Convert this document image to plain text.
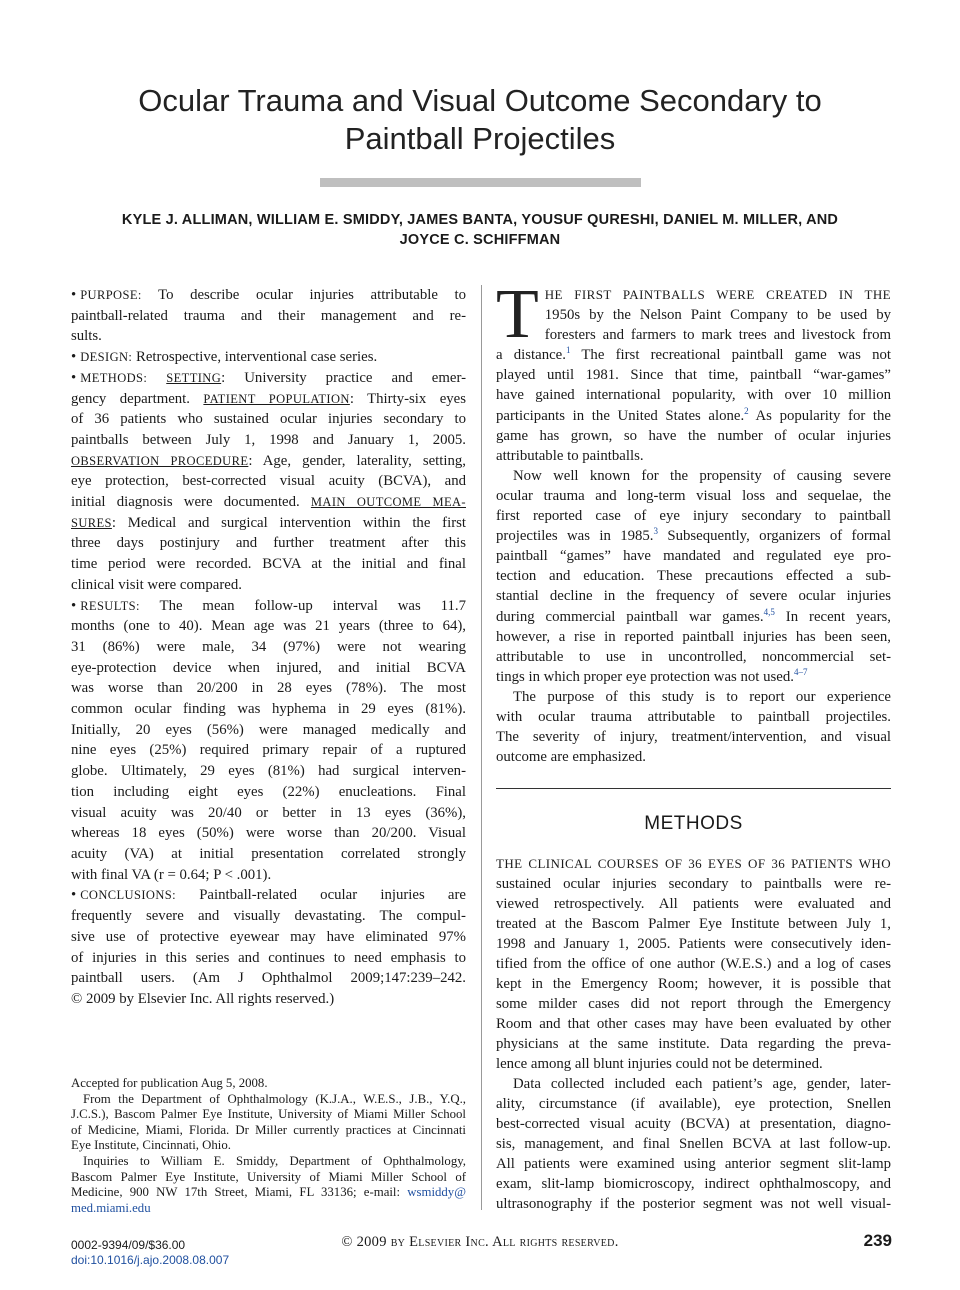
Ocular Trauma and Visual Outcome Secondary to
Paintball Projectiles
KYLE J. ALLIMAN, WILLIAM E. SMIDDY, JAMES BANTA, YOUSUF QURESHI, DANIEL M. MILLER, AND
JOYCE C. SCHIFFMAN
• PURPOSE: To describe ocular injuries attributable to
paintball-related trauma and their management and re-
sults.
• DESIGN: Retrospective, interventional case series.
• METHODS: SETTING: University practice and emer-
gency department. PATIENT POPULATION: Thirty-six eyes
of 36 patients who sustained ocular injuries secondary to
paintballs between July 1, 1998 and January 1, 2005.
OBSERVATION PROCEDURE: Age, gender, laterality, setting,
eye protection, best-corrected visual acuity (BCVA), and
initial diagnosis were documented. MAIN OUTCOME MEA-
SURES: Medical and surgical intervention within the first
three days postinjury and further treatment after this
time period were recorded. BCVA at the initial and final
clinical visit were compared.
• RESULTS: The mean follow-up interval was 11.7
months (one to 40). Mean age was 21 years (three to 64),
31 (86%) were male, 34 (97%) were not wearing
eye-protection device when injured, and initial BCVA
was worse than 20/200 in 28 eyes (78%). The most
common ocular finding was hyphema in 29 eyes (81%).
Initially, 20 eyes (56%) were managed medically and
nine eyes (25%) required primary repair of a ruptured
globe. Ultimately, 29 eyes (81%) had surgical interven-
tion including eight eyes (22%) enucleations. Final
visual acuity was 20/40 or better in 13 eyes (36%),
whereas 18 eyes (50%) were worse than 20/200. Visual
acuity (VA) at initial presentation correlated strongly
with final VA (r = 0.64; P < .001).
• CONCLUSIONS: Paintball-related ocular injuries are
frequently severe and visually devastating. The compul-
sive use of protective eyewear may have eliminated 97%
of injuries in this series and continues to need emphasis to
paintball users. (Am J Ophthalmol 2009;147:239–242.
© 2009 by Elsevier Inc. All rights reserved.)
Accepted for publication Aug 5, 2008.
From the Department of Ophthalmology (K.J.A., W.E.S., J.B., Y.Q.,
J.C.S.), Bascom Palmer Eye Institute, University of Miami Miller School
of Medicine, Miami, Florida. Dr Miller currently practices at Cincinnati
Eye Institute, Cincinnati, Ohio.
Inquiries to William E. Smiddy, Department of Ophthalmology,
Bascom Palmer Eye Institute, University of Miami Miller School of
Medicine, 900 NW 17th Street, Miami, FL 33136; e-mail: wsmiddy@
med.miami.edu
T HE FIRST PAINTBALLS WERE CREATED IN THE
1950s by the Nelson Paint Company to be used by
foresters and farmers to mark trees and livestock from
a distance.$^1$ The first recreational paintball game was not
played until 1981. Since that time, paintball “war-games”
have gained international popularity, with over 10 million
participants in the United States alone.$^2$ As popularity for the
game has grown, so have the number of ocular injuries
attributable to paintballs.
Now well known for the propensity of causing severe
ocular trauma and long-term visual loss and sequelae, the
first reported case of eye injury secondary to paintball
projectiles was in 1985.$^3$ Subsequently, organizers of formal
paintball “games” have mandated and regulated eye pro-
tection and education. These precautions effected a sub-
stantial decline in the frequency of severe ocular injuries
during commercial paintball war games.$^{4,5}$ In recent years,
however, a rise in reported paintball injuries has been seen,
attributable to use in uncontrolled, noncommercial set-
tings in which proper eye protection was not used.$^{4-7}$
The purpose of this study is to report our experience
with ocular trauma attributable to paintball projectiles.
The severity of injury, treatment/intervention, and visual
outcome are emphasized.
METHODS
THE CLINICAL COURSES OF 36 EYES OF 36 PATIENTS WHO
sustained ocular injuries secondary to paintballs were re-
viewed retrospectively. All patients were evaluated and
treated at the Bascom Palmer Eye Institute between July 1,
1998 and January 1, 2005. Patients were consecutively iden-
tified from the office of one author (W.E.S.) and a log of cases
kept in the Emergency Room; however, it is possible that
some milder cases did not report through the Emergency
Room and that other cases may have been evaluated by other
physicians at the same institute. Data regarding the preva-
lence among all blunt injuries could not be determined.
Data collected included each patient’s age, gender, later-
ality, circumstance (if available), eye protection, Snellen
best-corrected visual acuity (BCVA) at presentation, diagno-
sis, management, and final Snellen BCVA at last follow-up.
All patients were examined using anterior segment slit-lamp
exam, slit-lamp biomicroscopy, indirect ophthalmoscopy, and
ultrasonography if the posterior segment was not well visual-
0002-9394/09/$36.00
doi:10.1016/j.ajo.2008.08.007
© 2009 by Elsevier Inc. All rights reserved.	239
